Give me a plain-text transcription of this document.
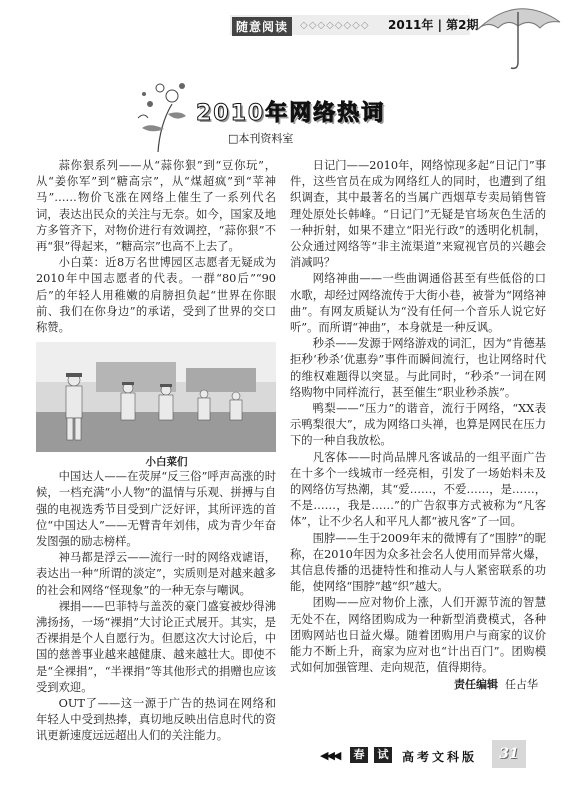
随意阅读	◇◇◇◇◇◇◇◇ 2011年 | 第2期
2010年网络热词
□本刊资料室

蒜你狠系列——从“蒜你狠”到“豆你玩”，从“姜你军”到“糖高宗”，从“煤超疯”到“苹神马”……物价飞涨在网络上催生了一系列代名词，表达出民众的关注与无奈。如今，国家及地方多管齐下，对物价进行有效调控，“蒜你狠”不再“狠”得起来，“糖高宗”也高不上去了。

小白菜：近8万名世博园区志愿者无疑成为2010年中国志愿者的代表。一群“80后”“90后”的年轻人用稚嫩的肩膀担负起“世界在你眼前、我们在你身边”的承诺，受到了世界的交口称赞。

小白菜们

中国达人——在荧屏“反三俗”呼声高涨的时候，一档充满“小人物”的温情与乐观、拼搏与自强的电视选秀节目受到广泛好评，其所评选的首位“中国达人”——无臂青年刘伟，成为青少年奋发图强的励志榜样。

神马都是浮云——流行一时的网络戏谑语，表达出一种“所谓的淡定”，实质则是对越来越多的社会和网络“怪现象”的一种无奈与嘲讽。

裸捐——巴菲特与盖茨的豪门盛宴被炒得沸沸扬扬，一场“裸捐”大讨论正式展开。其实，是否裸捐是个人自愿行为。但愿这次大讨论后，中国的慈善事业越来越健康、越来越壮大。即使不是“全裸捐”，“半裸捐”等其他形式的捐赠也应该受到欢迎。

OUT了——这一源于广告的热词在网络和年轻人中受到热捧，真切地反映出信息时代的资讯更新速度远远超出人们的关注能力。

日记门——2010年，网络惊现多起“日记门”事件，这些官员在成为网络红人的同时，也遭到了组织调查，其中最著名的当属广西烟草专卖局销售管理处原处长韩峰。“日记门”无疑是官场灰色生活的一种折射，如果不建立“阳光行政”的透明化机制，公众通过网络等“非主流渠道”来窥视官员的兴趣会消减吗？

网络神曲——一些曲调通俗甚至有些低俗的口水歌，却经过网络流传于大街小巷，被誉为“网络神曲”。有网友质疑认为“没有任何一个音乐人说它好听”。而所谓“神曲”，本身就是一种反讽。

秒杀——发源于网络游戏的词汇，因为“肯德基拒秒‘秒杀’优惠券”事件而瞬间流行，也让网络时代的维权难题得以突显。与此同时，“秒杀”一词在网络购物中同样流行，甚至催生“职业秒杀族”。

鸭梨——“压力”的谐音，流行于网络，“XX表示鸭梨很大”，成为网络口头禅，也算是网民在压力下的一种自我放松。

凡客体——时尚品牌凡客诚品的一组平面广告在十多个一线城市一经亮相，引发了一场始料未及的网络仿写热潮，其“爱……，不爱……，是……，不是……，我是……”的广告叙事方式被称为“凡客体”，让不少名人和平凡人都“被凡客”了一回。

围脖——生于2009年末的微博有了“围脖”的昵称，在2010年因为众多社会名人使用而异常火爆，其信息传播的迅捷特性和推动人与人紧密联系的功能，使网络“围脖”越“织”越大。

团购——应对物价上涨，人们开源节流的智慧无处不在，网络团购成为一种新型消费模式，各种团购网站也日益火爆。随着团购用户与商家的议价能力不断上升，商家为应对也“计出百门”。团购模式如何加强管理、走向规范，值得期待。

责任编辑 任占华

◀◀◀	春	试 高考文科版	31
